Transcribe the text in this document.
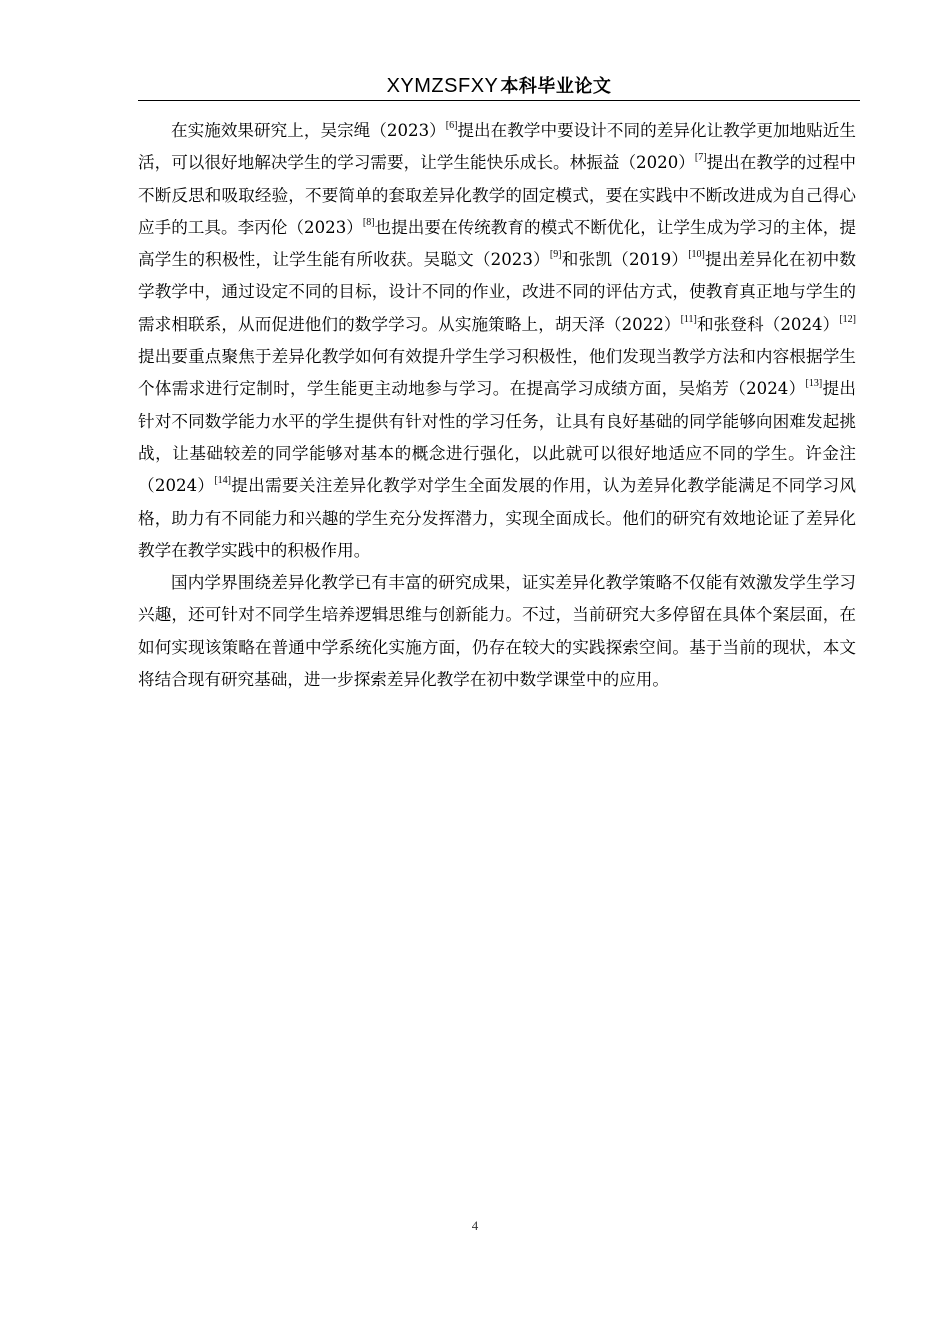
XYMZSFXY 本科毕业论文

在实施效果研究上，吴宗绳（2023）[6]提出在教学中要设计不同的差异化让教学更加地贴近生活，可以很好地解决学生的学习需要，让学生能快乐成长。林振益（2020）[7]提出在教学的过程中不断反思和吸取经验，不要简单的套取差异化教学的固定模式，要在实践中不断改进成为自己得心应手的工具。李丙伦（2023）[8]也提出要在传统教育的模式不断优化，让学生成为学习的主体，提高学生的积极性，让学生能有所收获。吴聪文（2023）[9]和张凯（2019）[10]提出差异化在初中数学教学中，通过设定不同的目标，设计不同的作业，改进不同的评估方式，使教育真正地与学生的需求相联系，从而促进他们的数学学习。从实施策略上，胡天泽（2022）[11]和张登科（2024）[12]提出要重点聚焦于差异化教学如何有效提升学生学习积极性，他们发现当教学方法和内容根据学生个体需求进行定制时，学生能更主动地参与学习。在提高学习成绩方面，吴焰芳（2024）[13]提出针对不同数学能力水平的学生提供有针对性的学习任务，让具有良好基础的同学能够向困难发起挑战，让基础较差的同学能够对基本的概念进行强化，以此就可以很好地适应不同的学生。许金注（2024）[14]提出需要关注差异化教学对学生全面发展的作用，认为差异化教学能满足不同学习风格，助力有不同能力和兴趣的学生充分发挥潜力，实现全面成长。他们的研究有效地论证了差异化教学在教学实践中的积极作用。

国内学界围绕差异化教学已有丰富的研究成果，证实差异化教学策略不仅能有效激发学生学习兴趣，还可针对不同学生培养逻辑思维与创新能力。不过，当前研究大多停留在具体个案层面，在如何实现该策略在普通中学系统化实施方面，仍存在较大的实践探索空间。基于当前的现状，本文将结合现有研究基础，进一步探索差异化教学在初中数学课堂中的应用。

4
